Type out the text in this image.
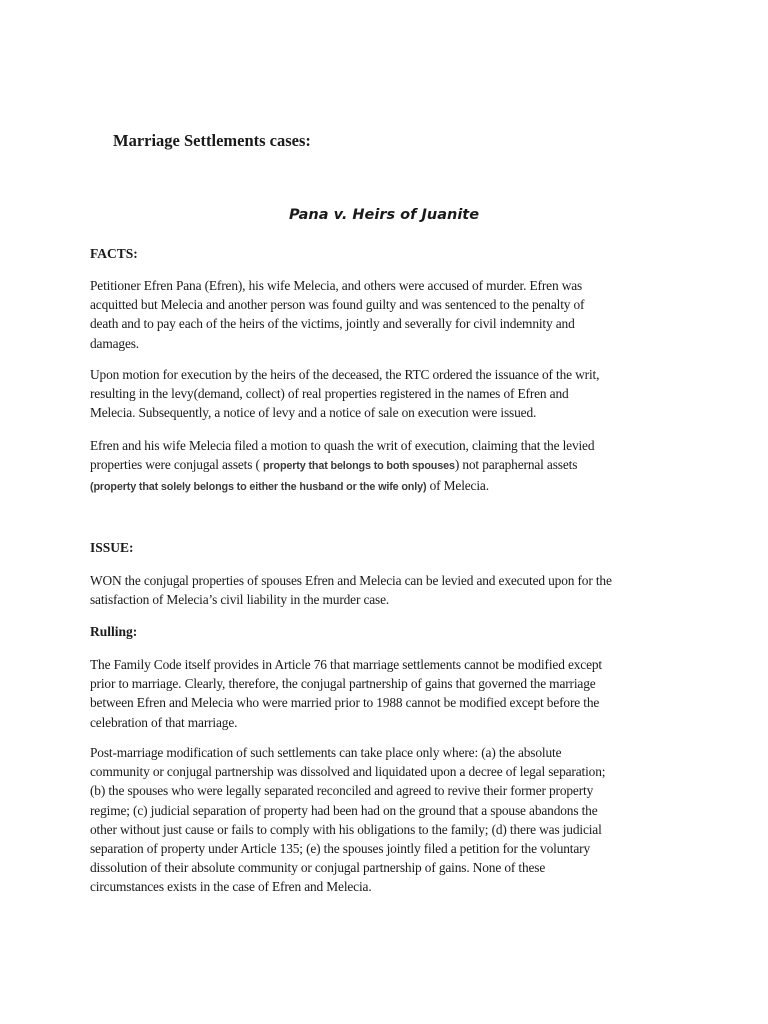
Marriage Settlements cases:
Pana v. Heirs of Juanite
FACTS:

Petitioner Efren Pana (Efren), his wife Melecia, and others were accused of murder. Efren was
acquitted but Melecia and another person was found guilty and was sentenced to the penalty of
death and to pay each of the heirs of the victims, jointly and severally for civil indemnity and
damages.

Upon motion for execution by the heirs of the deceased, the RTC ordered the issuance of the writ,
resulting in the levy(demand, collect) of real properties registered in the names of Efren and
Melecia. Subsequently, a notice of levy and a notice of sale on execution were issued.

Efren and his wife Melecia filed a motion to quash the writ of execution, claiming that the levied
properties were conjugal assets ( property that belongs to both spouses) not paraphernal assets
(property that solely belongs to either the husband or the wife only) of Melecia.

ISSUE:

WON the conjugal properties of spouses Efren and Melecia can be levied and executed upon for the
satisfaction of Melecia’s civil liability in the murder case.

Rulling:

The Family Code itself provides in Article 76 that marriage settlements cannot be modified except
prior to marriage. Clearly, therefore, the conjugal partnership of gains that governed the marriage
between Efren and Melecia who were married prior to 1988 cannot be modified except before the
celebration of that marriage.

Post-marriage modification of such settlements can take place only where: (a) the absolute
community or conjugal partnership was dissolved and liquidated upon a decree of legal separation;
(b) the spouses who were legally separated reconciled and agreed to revive their former property
regime; (c) judicial separation of property had been had on the ground that a spouse abandons the
other without just cause or fails to comply with his obligations to the family; (d) there was judicial
separation of property under Article 135; (e) the spouses jointly filed a petition for the voluntary
dissolution of their absolute community or conjugal partnership of gains. None of these
circumstances exists in the case of Efren and Melecia.
